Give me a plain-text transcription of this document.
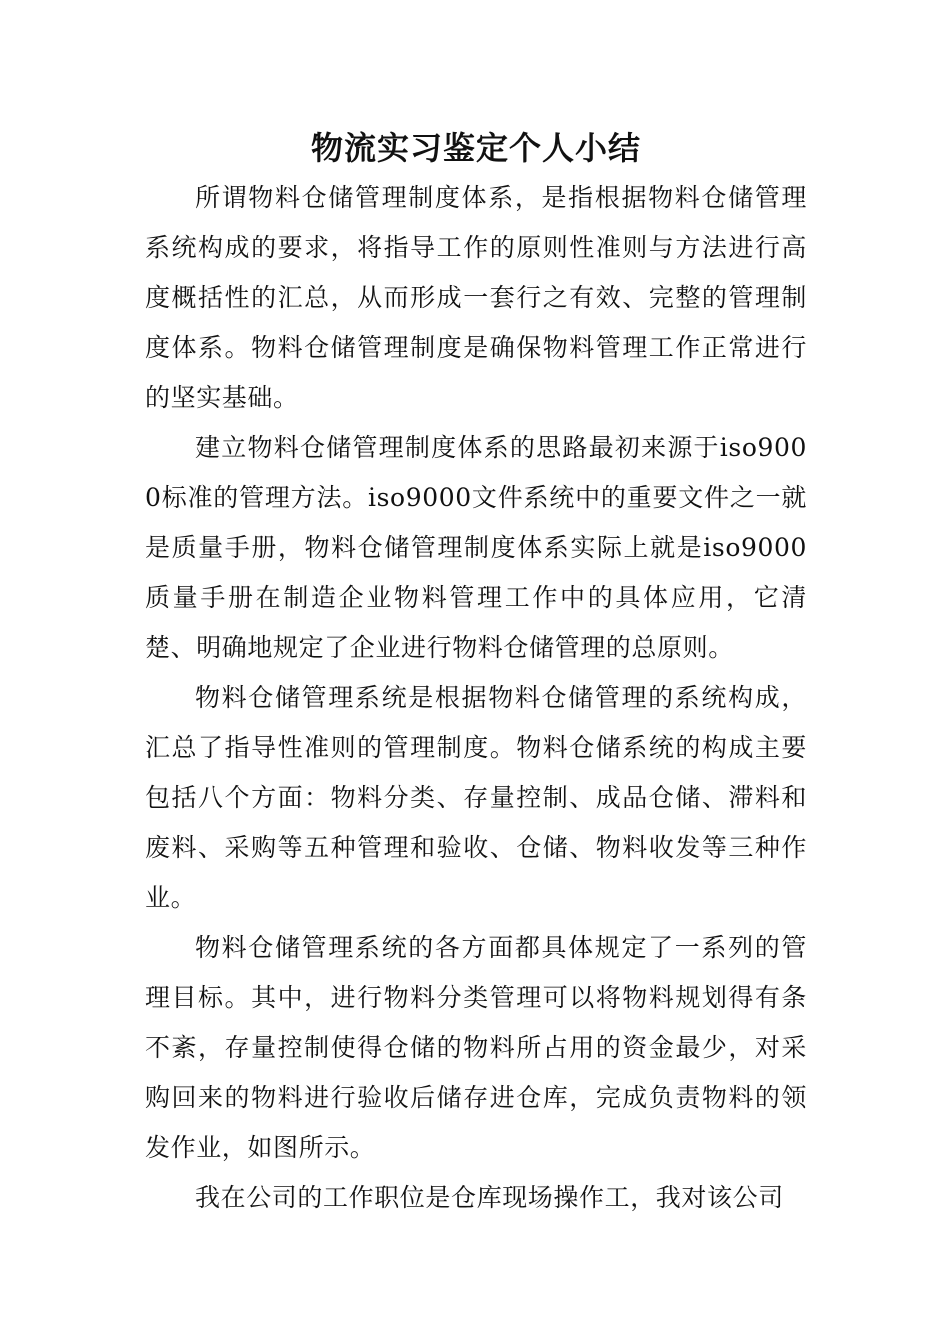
物流实习鉴定个人小结

所谓物料仓储管理制度体系，是指根据物料仓储管理系统构成的要求，将指导工作的原则性准则与方法进行高度概括性的汇总，从而形成一套行之有效、完整的管理制度体系。物料仓储管理制度是确保物料管理工作正常进行的坚实基础。

建立物料仓储管理制度体系的思路最初来源于iso9000标准的管理方法。iso9000文件系统中的重要文件之一就是质量手册，物料仓储管理制度体系实际上就是iso9000质量手册在制造企业物料管理工作中的具体应用，它清楚、明确地规定了企业进行物料仓储管理的总原则。

物料仓储管理系统是根据物料仓储管理的系统构成，汇总了指导性准则的管理制度。物料仓储系统的构成主要包括八个方面：物料分类、存量控制、成品仓储、滞料和废料、采购等五种管理和验收、仓储、物料收发等三种作业。

物料仓储管理系统的各方面都具体规定了一系列的管理目标。其中，进行物料分类管理可以将物料规划得有条不紊，存量控制使得仓储的物料所占用的资金最少，对采购回来的物料进行验收后储存进仓库，完成负责物料的领发作业，如图所示。

我在公司的工作职位是仓库现场操作工，我对该公司
